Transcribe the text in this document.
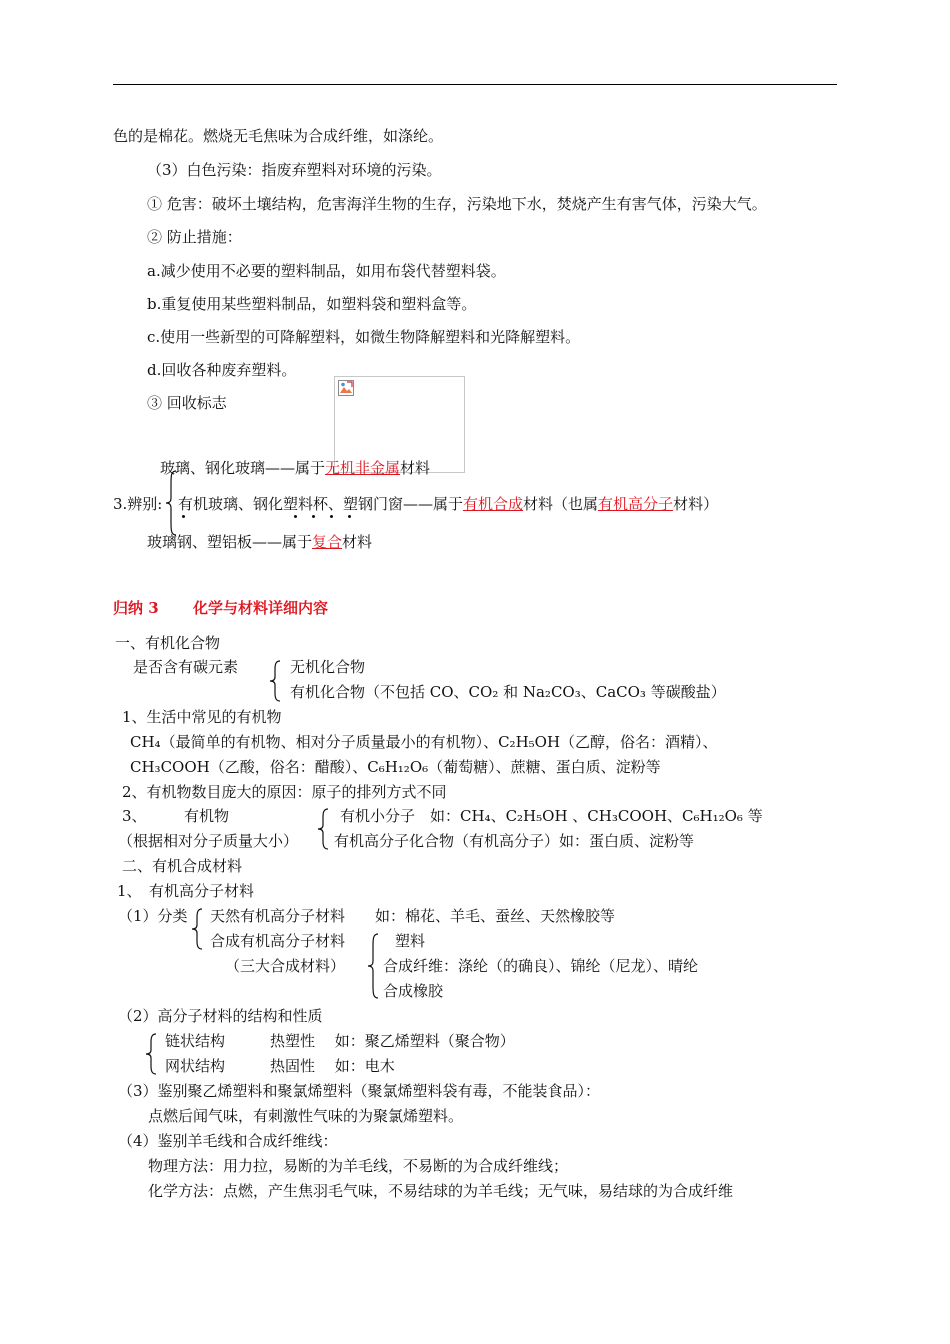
色的是棉花。燃烧无毛焦味为合成纤维，如涤纶。
（3）白色污染：指废弃塑料对环境的污染。
① 危害：破坏土壤结构，危害海洋生物的生存，污染地下水，焚烧产生有害气体，污染大气。
② 防止措施：
a.减少使用不必要的塑料制品，如用布袋代替塑料袋。
b.重复使用某些塑料制品，如塑料袋和塑料盒等。
c.使用一些新型的可降解塑料，如微生物降解塑料和光降解塑料。
d.回收各种废弃塑料。
③ 回收标志
玻璃、钢化玻璃——属于无机非金属材料
3.辨别: 有机玻璃、钢化塑料杯、塑钢门窗——属于有机合成材料（也属有机高分子材料）
玻璃钢、塑铝板——属于复合材料
归纳 3 化学与材料详细内容
一、有机化合物
是否含有碳元素	无机化合物
有机化合物（不包括 CO、CO₂ 和 Na₂CO₃、CaCO₃ 等碳酸盐）
1、生活中常见的有机物
CH₄（最简单的有机物、相对分子质量最小的有机物）、C₂H₅OH（乙醇，俗名：酒精）、
CH₃COOH（乙酸，俗名：醋酸）、C₆H₁₂O₆（葡萄糖）、蔗糖、蛋白质、淀粉等
2、有机物数目庞大的原因：原子的排列方式不同
3、 有机物
（根据相对分子质量大小）
有机小分子　如：CH₄、C₂H₅OH 、CH₃COOH、C₆H₁₂O₆ 等
有机高分子化合物（有机高分子）如：蛋白质、淀粉等
二、有机合成材料
1、　有机高分子材料
（1）分类 天然有机高分子材料　　如：棉花、羊毛、蚕丝、天然橡胶等
合成有机高分子材料
（三大合成材料）
塑料
合成纤维：涤纶（的确良）、锦纶（尼龙）、晴纶
合成橡胶
（2）高分子材料的结构和性质
链状结构　　　热塑性　 如：聚乙烯塑料（聚合物）
网状结构　　　热固性　 如：电木
（3）鉴别聚乙烯塑料和聚氯烯塑料（聚氯烯塑料袋有毒，不能装食品）：
点燃后闻气味，有刺激性气味的为聚氯烯塑料。
（4）鉴别羊毛线和合成纤维线：
物理方法：用力拉，易断的为羊毛线，不易断的为合成纤维线；
化学方法：点燃，产生焦羽毛气味，不易结球的为羊毛线；无气味，易结球的为合成纤维
